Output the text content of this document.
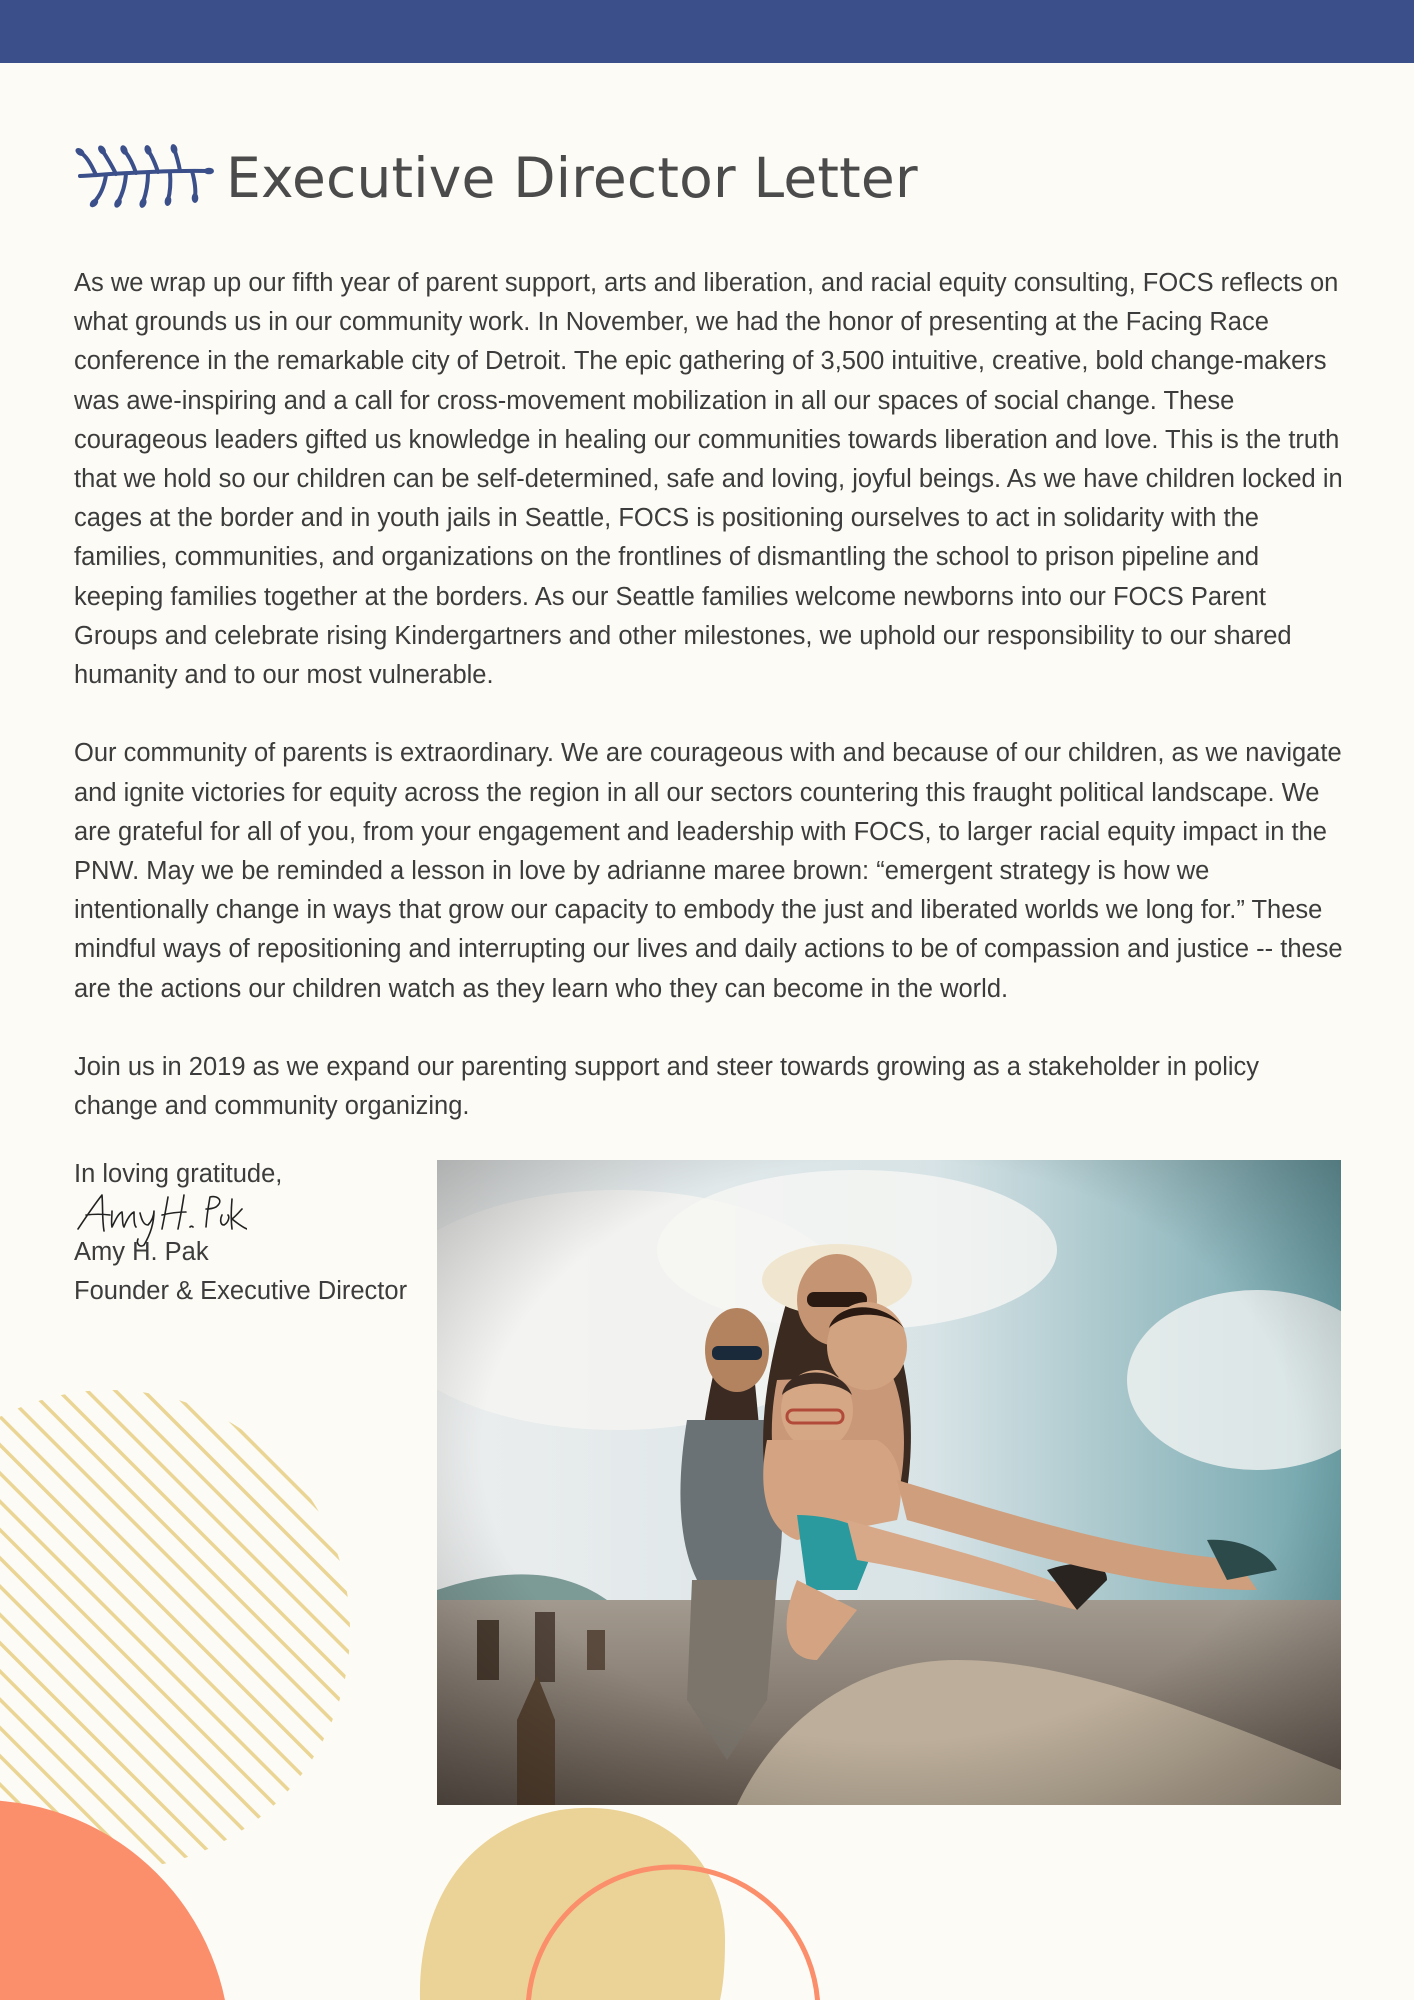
Executive Director Letter

As we wrap up our fifth year of parent support, arts and liberation, and racial equity consulting, FOCS reflects on what grounds us in our community work. In November, we had the honor of presenting at the Facing Race conference in the remarkable city of Detroit. The epic gathering of 3,500 intuitive, creative, bold change-makers was awe-inspiring and a call for cross-movement mobilization in all our spaces of social change. These courageous leaders gifted us knowledge in healing our communities towards liberation and love. This is the truth that we hold so our children can be self-determined, safe and loving, joyful beings. As we have children locked in cages at the border and in youth jails in Seattle, FOCS is positioning ourselves to act in solidarity with the families, communities, and organizations on the frontlines of dismantling the school to prison pipeline and keeping families together at the borders. As our Seattle families welcome newborns into our FOCS Parent Groups and celebrate rising Kindergartners and other milestones, we uphold our responsibility to our shared humanity and to our most vulnerable.

Our community of parents is extraordinary. We are courageous with and because of our children, as we navigate and ignite victories for equity across the region in all our sectors countering this fraught political landscape. We are grateful for all of you, from your engagement and leadership with FOCS, to larger racial equity impact in the PNW. May we be reminded a lesson in love by adrianne maree brown: “emergent strategy is how we intentionally change in ways that grow our capacity to embody the just and liberated worlds we long for.” These mindful ways of repositioning and interrupting our lives and daily actions to be of compassion and justice -- these are the actions our children watch as they learn who they can become in the world.

Join us in 2019 as we expand our parenting support and steer towards growing as a stakeholder in policy change and community organizing.

In loving gratitude,
Amy H. Pak
Founder & Executive Director
